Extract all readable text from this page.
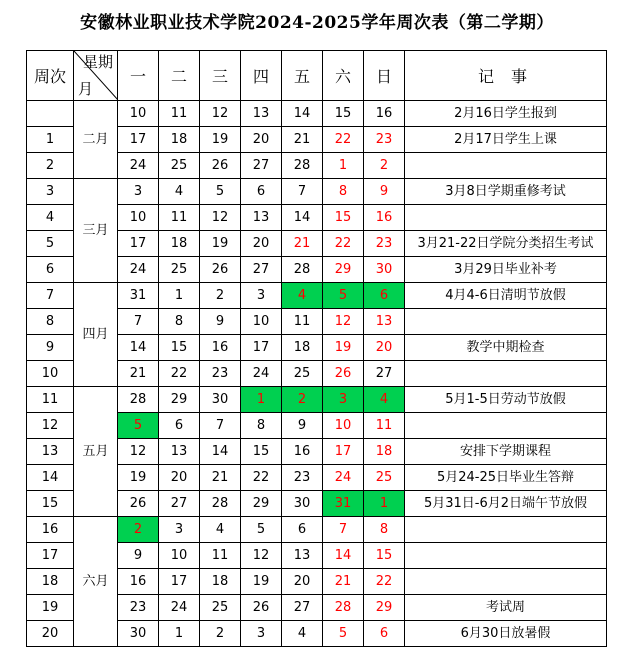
安徽林业职业技术学院2024-2025学年周次表（第二学期）
周次	星期
月	一	二	三	四	五	六	日	记 事
	二月	10	11	12	13	14	15	16	2月16日学生报到
1		17	18	19	20	21	22	23	2月17日学生上课
2		24	25	26	27	28	1	2	
3	三月	3	4	5	6	7	8	9	3月8日学期重修考试
4		10	11	12	13	14	15	16	
5		17	18	19	20	21	22	23	3月21-22日学院分类招生考试
6		24	25	26	27	28	29	30	3月29日毕业补考
7	四月	31	1	2	3	4	5	6	4月4-6日清明节放假
8		7	8	9	10	11	12	13	
9		14	15	16	17	18	19	20	教学中期检查
10		21	22	23	24	25	26	27	
11	五月	28	29	30	1	2	3	4	5月1-5日劳动节放假
12		5	6	7	8	9	10	11	
13		12	13	14	15	16	17	18	安排下学期课程
14		19	20	21	22	23	24	25	5月24-25日毕业生答辩
15		26	27	28	29	30	31	1	5月31日-6月2日端午节放假
16	六月	2	3	4	5	6	7	8	
17		9	10	11	12	13	14	15	
18		16	17	18	19	20	21	22	
19		23	24	25	26	27	28	29	考试周
20		30	1	2	3	4	5	6	6月30日放暑假
